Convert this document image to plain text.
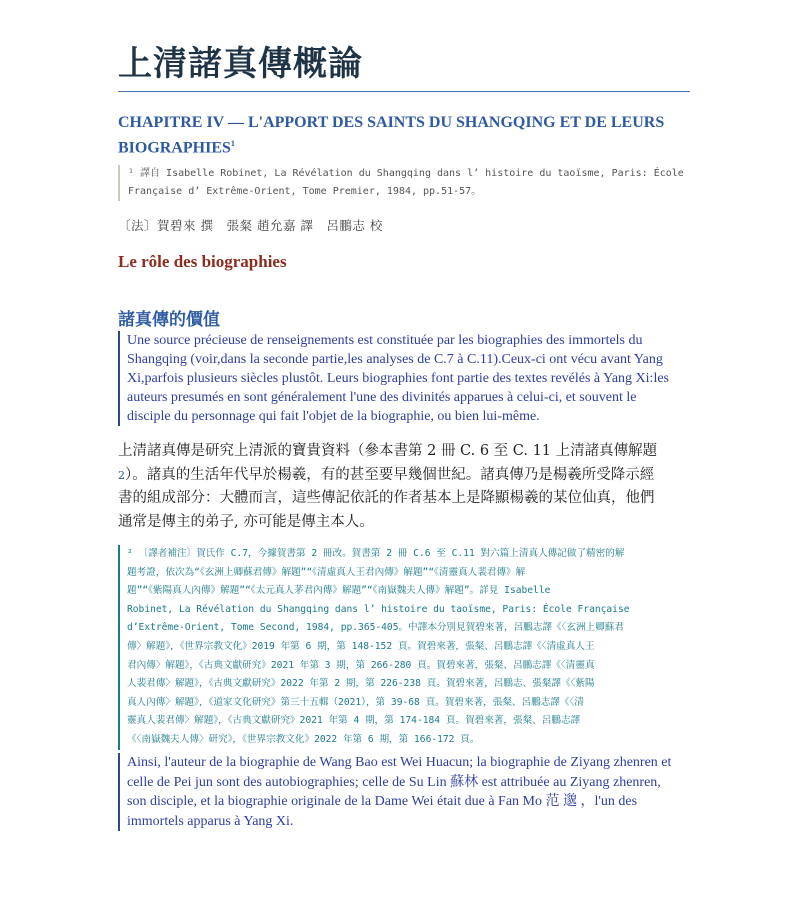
上清諸真傳概論
CHAPITRE IV — L'APPORT DES SAINTS DU SHANGQING ET DE LEURS BIOGRAPHIES$^1$
¹ 譯自 Isabelle Robinet, La Révélation du Shangqing dans l’ histoire du taoïsme, Paris: École
Française d’ Extrême-Orient, Tome Premier, 1984, pp.51-57。
〔法〕賀碧來 撰　張粲 趙允嘉 譯　呂鵬志 校
Le rôle des biographies
諸真傳的價值
Une source précieuse de renseignements est constituée par les biographies des immortels du
Shangqing (voir,dans la seconde partie,les analyses de C.7 à C.11).Ceux-ci ont vécu avant Yang
Xi,parfois plusieurs siècles plustôt. Leurs biographies font partie des textes revélés à Yang Xi:les
auteurs presumés en sont généralement l'une des divinités apparues à celui-ci, et souvent le
disciple du personnage qui fait l'objet de la biographie, ou bien lui-même.
上清諸真傳是研究上清派的寶貴資料（參本書第 2 冊 C. 6 至 C. 11 上清諸真傳解題
2）。諸真的生活年代早於楊羲，有的甚至要早幾個世紀。諸真傳乃是楊羲所受降示經
書的組成部分：大體而言，這些傳記依託的作者基本上是降顯楊羲的某位仙真，他們
通常是傳主的弟子, 亦可能是傳主本人。
² 〔譯者補注〕賀氏作 C.7，今據賀書第 2 冊改。賀書第 2 冊 C.6 至 C.11 對六篇上清真人傳記做了精密的解
題考證，依次為“《玄洲上卿蘇君傳》解題”“《清虛真人王君內傳》解題”“《清靈真人裴君傳》解
題”“《紫陽真人內傳》解題”“《太元真人茅君內傳》解題”“《南嶽魏夫人傳》解題”。詳見 Isabelle
Robinet, La Révélation du Shangqing dans l’ histoire du taoïsme, Paris: École Française
d’Extrême-Orient, Tome Second, 1984, pp.365-405。中譯本分別見賀碧來著，呂鵬志譯《〈玄洲上卿蘇君
傳〉解題》，《世界宗教文化》2019 年第 6 期，第 148-152 頁。賀碧來著，張粲、呂鵬志譯《〈清虛真人王
君內傳〉解題》，《古典文獻研究》2021 年第 3 期，第 266-280 頁。賀碧來著，張粲、呂鵬志譯《〈清靈真
人裴君傳〉解題》，《古典文獻研究》2022 年第 2 期，第 226-238 頁。賀碧來著，呂鵬志、張粲譯《〈紫陽
真人內傳〉解題》，《道家文化研究》第三十五輯（2021），第 39-68 頁。賀碧來著，張粲、呂鵬志譯《〈清
靈真人裴君傳〉解題》，《古典文獻研究》2021 年第 4 期，第 174-184 頁。賀碧來著，張粲、呂鵬志譯
《〈南嶽魏夫人傳〉研究》，《世界宗教文化》2022 年第 6 期，第 166-172 頁。
Ainsi, l'auteur de la biographie de Wang Bao est Wei Huacun; la biographie de Ziyang zhenren et
celle de Pei jun sont des autobiographies; celle de Su Lin 蘇林 est attribuée au Ziyang zhenren,
son disciple, et la biographie originale de la Dame Wei était due à Fan Mo 范 邈 ，l'un des
immortels apparus à Yang Xi.
